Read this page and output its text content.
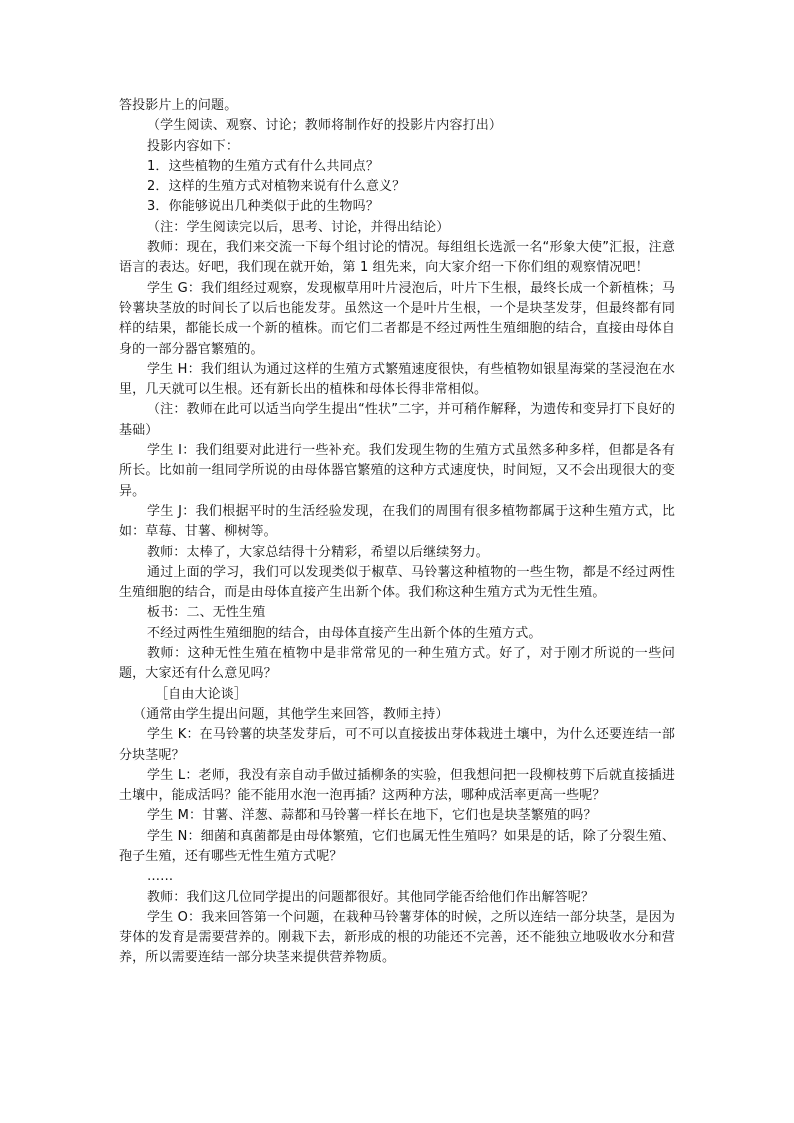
答投影片上的问题。

（学生阅读、观察、讨论；教师将制作好的投影片内容打出）

投影内容如下：

1．这些植物的生殖方式有什么共同点？

2．这样的生殖方式对植物来说有什么意义？

3．你能够说出几种类似于此的生物吗？

（注：学生阅读完以后，思考、讨论，并得出结论）

教师：现在，我们来交流一下每个组讨论的情况。每组组长选派一名“形象大使”汇报，注意语言的表达。好吧，我们现在就开始，第 1 组先来，向大家介绍一下你们组的观察情况吧！

学生 G：我们组经过观察，发现椒草用叶片浸泡后，叶片下生根，最终长成一个新植株；马铃薯块茎放的时间长了以后也能发芽。虽然这一个是叶片生根，一个是块茎发芽，但最终都有同样的结果，都能长成一个新的植株。而它们二者都是不经过两性生殖细胞的结合，直接由母体自身的一部分器官繁殖的。

学生 H：我们组认为通过这样的生殖方式繁殖速度很快，有些植物如银星海棠的茎浸泡在水里，几天就可以生根。还有新长出的植株和母体长得非常相似。

（注：教师在此可以适当向学生提出“性状”二字，并可稍作解释，为遗传和变异打下良好的基础）

学生 I：我们组要对此进行一些补充。我们发现生物的生殖方式虽然多种多样，但都是各有所长。比如前一组同学所说的由母体器官繁殖的这种方式速度快，时间短，又不会出现很大的变异。

学生 J：我们根据平时的生活经验发现，在我们的周围有很多植物都属于这种生殖方式，比如：草莓、甘薯、柳树等。

教师：太棒了，大家总结得十分精彩，希望以后继续努力。

通过上面的学习，我们可以发现类似于椒草、马铃薯这种植物的一些生物，都是不经过两性生殖细胞的结合，而是由母体直接产生出新个体。我们称这种生殖方式为无性生殖。

板书：二、无性生殖

不经过两性生殖细胞的结合，由母体直接产生出新个体的生殖方式。

教师：这种无性生殖在植物中是非常常见的一种生殖方式。好了，对于刚才所说的一些问题，大家还有什么意见吗？

［自由大论谈］

（通常由学生提出问题，其他学生来回答，教师主持）

学生 K：在马铃薯的块茎发芽后，可不可以直接拔出芽体栽进土壤中，为什么还要连结一部分块茎呢？

学生 L：老师，我没有亲自动手做过插柳条的实验，但我想问把一段柳枝剪下后就直接插进土壤中，能成活吗？能不能用水泡一泡再插？这两种方法，哪种成活率更高一些呢？

学生 M：甘薯、洋葱、蒜都和马铃薯一样长在地下，它们也是块茎繁殖的吗？

学生 N：细菌和真菌都是由母体繁殖，它们也属无性生殖吗？如果是的话，除了分裂生殖、孢子生殖，还有哪些无性生殖方式呢？

……

教师：我们这几位同学提出的问题都很好。其他同学能否给他们作出解答呢？

学生 O：我来回答第一个问题，在栽种马铃薯芽体的时候，之所以连结一部分块茎，是因为芽体的发育是需要营养的。刚栽下去，新形成的根的功能还不完善，还不能独立地吸收水分和营养，所以需要连结一部分块茎来提供营养物质。
